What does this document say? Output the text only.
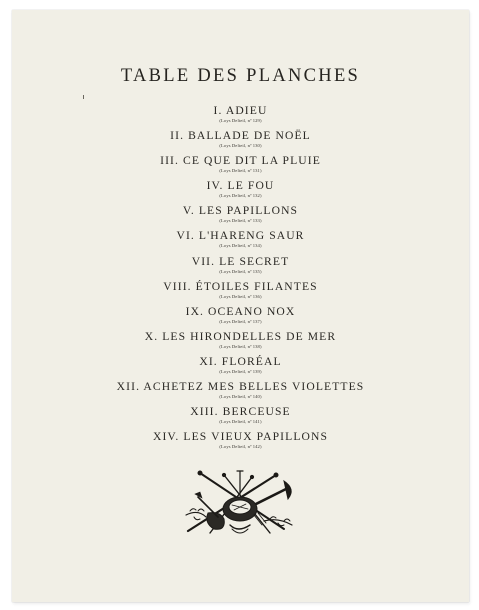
TABLE DES PLANCHES
I. ADIEU
(Loys Delteil, nº 129)
II. BALLADE DE NOËL
(Loys Delteil, nº 130)
III. CE QUE DIT LA PLUIE
(Loys Delteil, nº 131)
IV. LE FOU
(Loys Delteil, nº 132)
V. LES PAPILLONS
(Loys Delteil, nº 133)
VI. L'HARENG SAUR
(Loys Delteil, nº 134)
VII. LE SECRET
(Loys Delteil, nº 135)
VIII. ÉTOILES FILANTES
(Loys Delteil, nº 136)
IX. OCEANO NOX
(Loys Delteil, nº 137)
X. LES HIRONDELLES DE MER
(Loys Delteil, nº 138)
XI. FLORÉAL
(Loys Delteil, nº 139)
XII. ACHETEZ MES BELLES VIOLETTES
(Loys Delteil, nº 140)
XIII. BERCEUSE
(Loys Delteil, nº 141)
XIV. LES VIEUX PAPILLONS
(Loys Delteil, nº 142)
